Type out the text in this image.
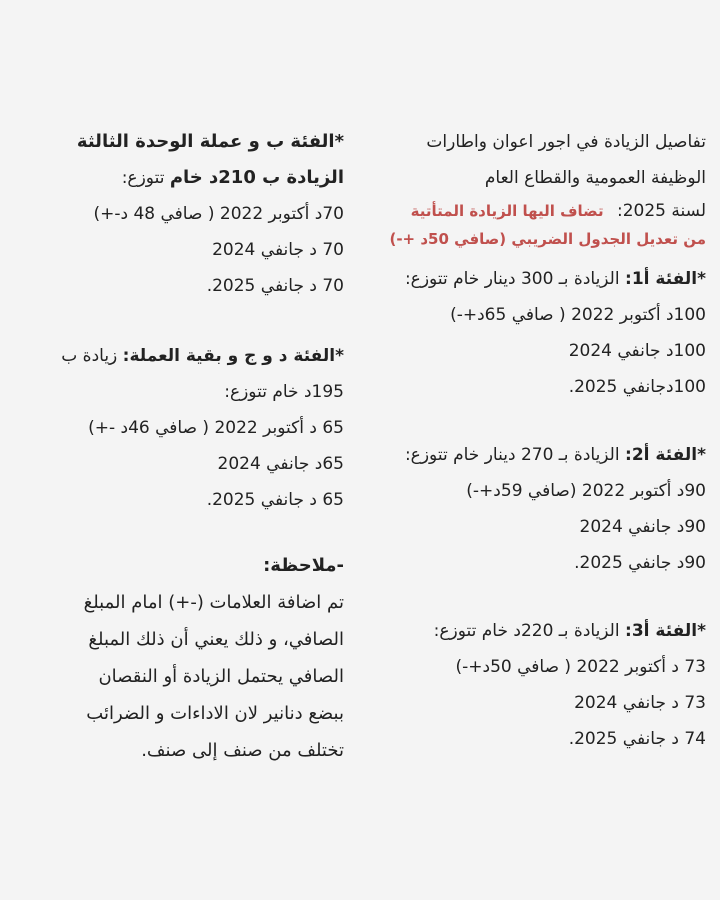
تفاصيل الزيادة في اجور اعوان واطارات

الوظيفة العمومية والقطاع العام

لسنة 2025: تضاف اليها الزيادة المتأتية

من تعديل الجدول الضريبي (صافي 50د +-)

*الفئة أ1: الزيادة بـ 300 دينار خام تتوزع:

100د أكتوبر 2022 ( صافي 65د+-)

100د جانفي 2024

100دجانفي 2025.

*الفئة أ2: الزيادة بـ 270 دينار خام تتوزع:

90د أكتوبر 2022 (صافي 59د+-)

90د جانفي 2024

90د جانفي 2025.

*الفئة أ3: الزيادة بـ 220د خام تتوزع:

73 د أكتوبر 2022 ( صافي 50د+-)

73 د جانفي 2024

74 د جانفي 2025.

*الفئة ب و عملة الوحدة الثالثة

الزيادة ب 210د خام تتوزع:

70د أكتوبر 2022 ( صافي 48 د-+)

70 د جانفي 2024

70 د جانفي 2025.

*الفئة د و ج و بقية العملة: زيادة ب

195د خام تتوزع:

65 د أكتوبر 2022 ( صافي 46د -+)

65د جانفي 2024

65 د جانفي 2025.

-ملاحظة:

تم اضافة العلامات (-+) امام المبلغ

الصافي، و ذلك يعني أن ذلك المبلغ

الصافي يحتمل الزيادة أو النقصان

ببضع دنانير لان الاداءات و الضرائب

تختلف من صنف إلى صنف.
